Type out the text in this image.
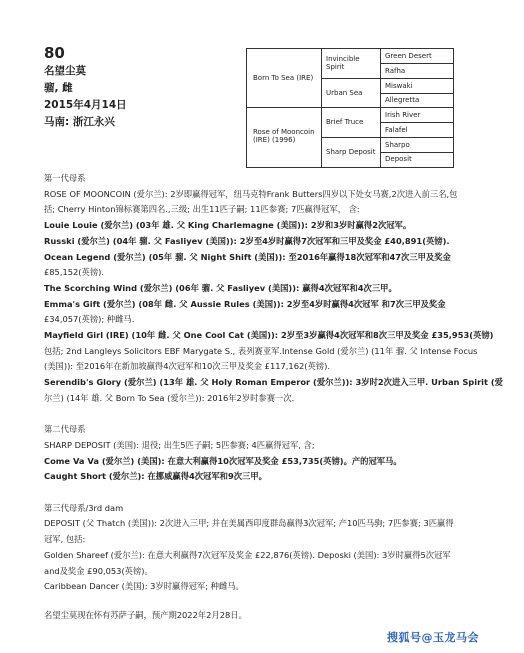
80
名望尘莫
骝, 雌
2015年4月14日
马南: 浙江永兴
Born To Sea (IRE)
Rose of Mooncoin (IRE) (1996)
Invincible Spirit
Urban Sea
Brief Truce
Sharp Deposit
Green Desert
Rafha
Miswaki
Allegretta
Irish River
Falafel
Sharpo
Deposit

第一代母系

ROSE OF MOONCOIN (爱尔兰): 2岁即赢得冠军，纽马克特Frank Butters四岁以下处女马赛,2次进入前三名,包

括; Cherry Hinton锦标赛第四名.,三级; 出生11匹子嗣; 11匹参赛; 7匹赢得冠军， 含:

Louie Louie (爱尔兰) (03年 雄. 父 King Charlemagne (美国)): 2岁和3岁时赢得2次冠军。

Russki (爱尔兰) (04年 骝. 父 Fasliyev (美国)): 2岁至4岁时赢得7次冠军和三甲及奖金 £40,891(英镑).

Ocean Legend (爱尔兰) (05年 骝. 父 Night Shift (美国)): 至2016年赢得18次冠军和47次三甲及奖金

£85,152(英镑).

The Scorching Wind (爱尔兰) (06年 骝. 父 Fasliyev (美国)): 赢得4次冠军和4次三甲。

Emma's Gift (爱尔兰) (08年 雌. 父 Aussie Rules (美国)): 2岁至4岁时赢得4次冠军 和7次三甲及奖金

£34,057(英镑); 种雌马.

Mayfield Girl (IRE) (10年 雌. 父 One Cool Cat (美国)): 2岁至3岁赢得4次冠军和8次三甲及奖金 £35,953(英镑)

包括; 2nd Langleys Solicitors EBF Marygate S., 表列赛亚军.Intense Gold (爱尔兰) (11年 骝. 父 Intense Focus

(美国)): 至2016年在新加坡赢得4次冠军和10次三甲及奖金 £117,162(英镑).

Serendib's Glory (爱尔兰) (13年 雄. 父 Holy Roman Emperor (爱尔兰)): 3岁时2次进入三甲. Urban Spirit (爱

尔兰) (14年 雄. 父 Born To Sea (爱尔兰)): 2016年2岁时参赛一次.

第二代母系

SHARP DEPOSIT (美国): 退役; 出生5匹子嗣; 5匹参赛; 4匹赢得冠军, 含;

Come Va Va (爱尔兰) (美国): 在意大利赢得10次冠军及奖金 £53,735(英镑)。产的冠军马。

Caught Short (爱尔兰): 在挪威赢得4次冠军和9次三甲。

第三代母系/3rd dam

DEPOSIT (父 Thatch (美国)): 2次进入三甲; 并在美属西印度群岛赢得3次冠军; 产10匹马驹; 7匹参赛; 3匹赢得

冠军, 包括:

Golden Shareef (爱尔兰): 在意大利赢得7次冠军及奖金 £22,876(英镑). Deposki (美国): 3岁时赢得5次冠军

and及奖金 £90,053(英镑)。

Caribbean Dancer (美国): 3岁时赢得冠军; 种雌马。

名望尘莫现在怀有苏萨子嗣，预产期2022年2月28日。
搜狐号@玉龙马会
